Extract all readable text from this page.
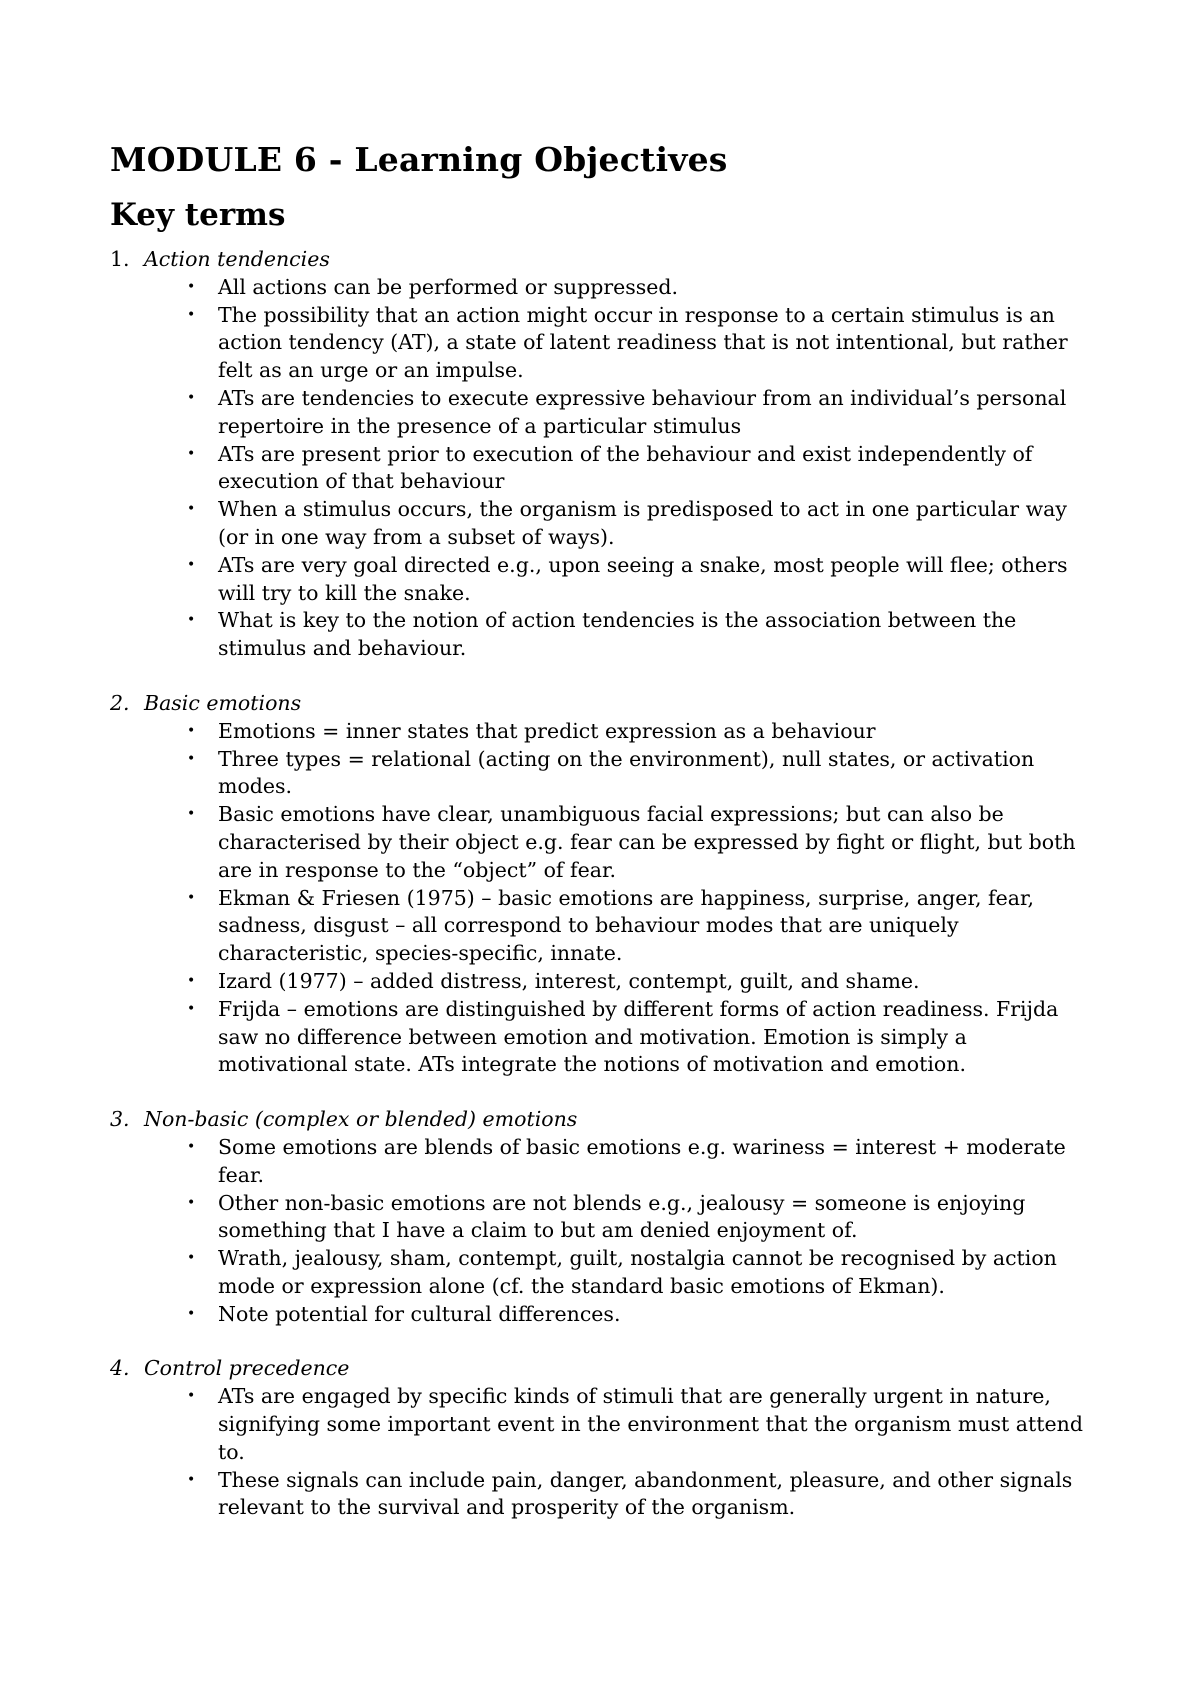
MODULE 6 - Learning Objectives
Key terms
1. Action tendencies
•	All actions can be performed or suppressed.
•	The possibility that an action might occur in response to a certain stimulus is an action tendency (AT), a state of latent readiness that is not intentional, but rather felt as an urge or an impulse.
•	ATs are tendencies to execute expressive behaviour from an individual’s personal repertoire in the presence of a particular stimulus
•	ATs are present prior to execution of the behaviour and exist independently of execution of that behaviour
•	When a stimulus occurs, the organism is predisposed to act in one particular way (or in one way from a subset of ways).
•	ATs are very goal directed e.g., upon seeing a snake, most people will flee; others will try to kill the snake.
•	What is key to the notion of action tendencies is the association between the stimulus and behaviour.
2. Basic emotions
•	Emotions = inner states that predict expression as a behaviour
•	Three types = relational (acting on the environment), null states, or activation modes.
•	Basic emotions have clear, unambiguous facial expressions; but can also be characterised by their object e.g. fear can be expressed by fight or flight, but both are in response to the “object” of fear.
•	Ekman & Friesen (1975) – basic emotions are happiness, surprise, anger, fear, sadness, disgust – all correspond to behaviour modes that are uniquely characteristic, species-specific, innate.
•	Izard (1977) – added distress, interest, contempt, guilt, and shame.
•	Frijda – emotions are distinguished by different forms of action readiness. Frijda saw no difference between emotion and motivation. Emotion is simply a motivational state. ATs integrate the notions of motivation and emotion.
3. Non-basic (complex or blended) emotions
•	Some emotions are blends of basic emotions e.g. wariness = interest + moderate fear.
•	Other non-basic emotions are not blends e.g., jealousy = someone is enjoying something that I have a claim to but am denied enjoyment of.
•	Wrath, jealousy, sham, contempt, guilt, nostalgia cannot be recognised by action mode or expression alone (cf. the standard basic emotions of Ekman).
•	Note potential for cultural differences.
4. Control precedence
•	ATs are engaged by specific kinds of stimuli that are generally urgent in nature, signifying some important event in the environment that the organism must attend to.
•	These signals can include pain, danger, abandonment, pleasure, and other signals relevant to the survival and prosperity of the organism.
